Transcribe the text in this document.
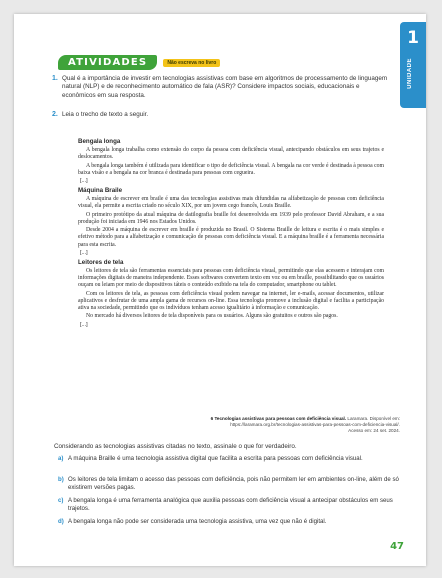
1
UNIDADE
ATIVIDADES	Não escreva no livro
1. Qual é a importância de investir em tecnologias assistivas com base em algoritmos de processamento de linguagem natural (NLP) e de reconhecimento automático de fala (ASR)? Considere impactos sociais, educacionais e econômicos em sua resposta.
2. Leia o trecho de texto a seguir.
Bengala longa

A bengala longa trabalha como extensão do corpo da pessoa com deficiência visual, antecipando obstáculos em seus trajetos e deslocamentos.

A bengala longa também é utilizada para identificar o tipo de deficiência visual. A bengala na cor verde é destinada à pessoa com baixa visão e a bengala na cor branca é destinada para pessoas com cegueira.

[...]

Máquina Braile

A máquina de escrever em braile é uma das tecnologias assistivas mais difundidas na alfabetização de pessoas com deficiência visual, ela permite a escrita criado no século XIX, por um jovem cego francês, Louis Braille.

O primeiro protótipo da atual máquina de datilografia braille foi desenvolvida em 1939 pelo professor David Abraham, e a sua produção foi iniciada em 1946 nos Estados Unidos.

Desde 2004 a máquina de escrever em braille é produzida no Brasil. O Sistema Braille de leitura e escrita é o mais simples e efetivo método para a alfabetização e comunicação de pessoas com deficiência visual. E a máquina braille é a ferramenta necessária para esta escrita.

[...]

Leitores de tela

Os leitores de tela são ferramentas essenciais para pessoas com deficiência visual, permitindo que elas acessem e interajam com informações digitais de maneira independente. Esses softwares convertem texto em voz ou em braille, possibilitando que os usuários ouçam ou leiam por meio de dispositivos táteis o conteúdo exibido na tela do computador, smartphone ou tablet.

Com os leitores de tela, as pessoas com deficiência visual podem navegar na internet, ler e-mails, acessar documentos, utilizar aplicativos e desfrutar de uma ampla gama de recursos on-line. Essa tecnologia promove a inclusão digital e facilita a participação ativa na sociedade, permitindo que os indivíduos tenham acesso igualitário à informação e comunicação.

No mercado há diversos leitores de tela disponíveis para os usuários. Alguns são gratuitos e outros são pagos.

[...]

6 Tecnologias assistivas para pessoas com deficiência visual. Laramara. Disponível em:
https://laramara.org.br/tecnologias-assistivas-para-pessoas-com-deficiencia-visual/.
Acesso em: 24 set. 2024.
Considerando as tecnologias assistivas citadas no texto, assinale o que for verdadeiro.
a) A máquina Braille é uma tecnologia assistiva digital que facilita a escrita para pessoas com deficiência visual.
b) Os leitores de tela limitam o acesso das pessoas com deficiência, pois não permitem ler em ambientes on-line, além de só existirem versões pagas.
c) A bengala longa é uma ferramenta analógica que auxilia pessoas com deficiência visual a antecipar obstáculos em seus trajetos.
d) A bengala longa não pode ser considerada uma tecnologia assistiva, uma vez que não é digital.
47
